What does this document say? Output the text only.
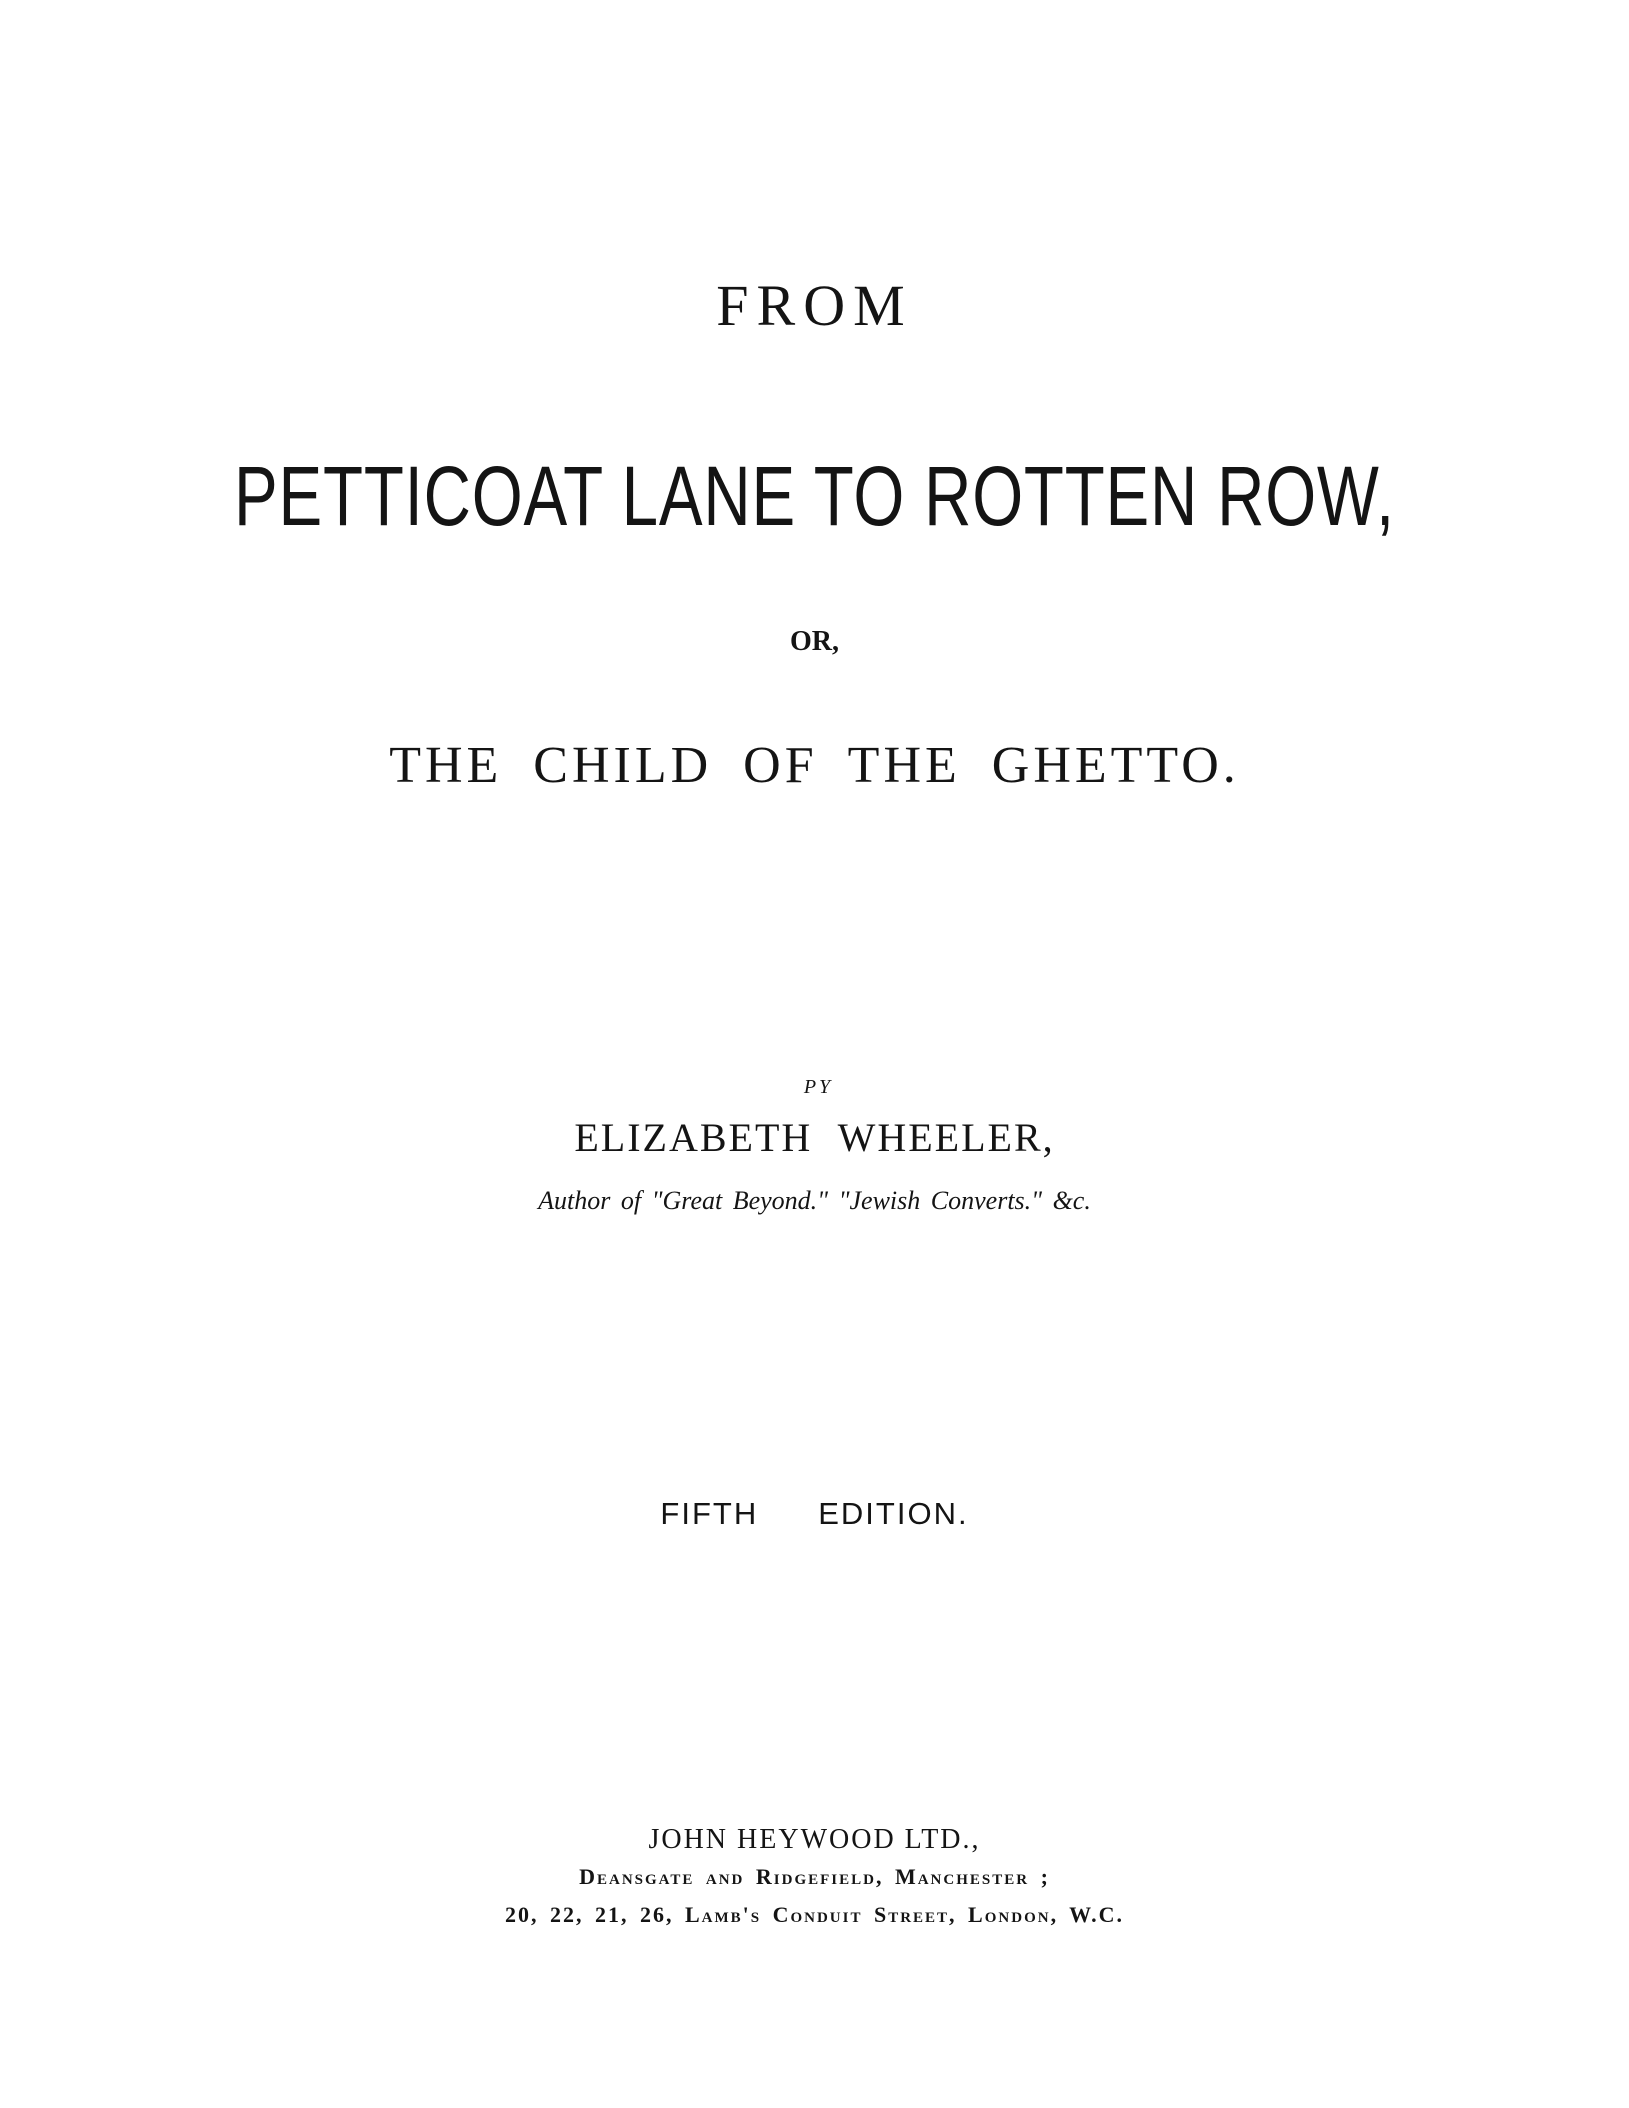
FROM
PETTICOAT LANE TO ROTTEN ROW,
OR,
THE CHILD OF THE GHETTO.
PY
ELIZABETH WHEELER,
Author of "Great Beyond." "Jewish Converts." &c.
FIFTH EDITION.
JOHN HEYWOOD LTD.,
Deansgate and Ridgefield, Manchester ;
20, 22, 21, 26, Lamb's Conduit Street, London, W.C.
